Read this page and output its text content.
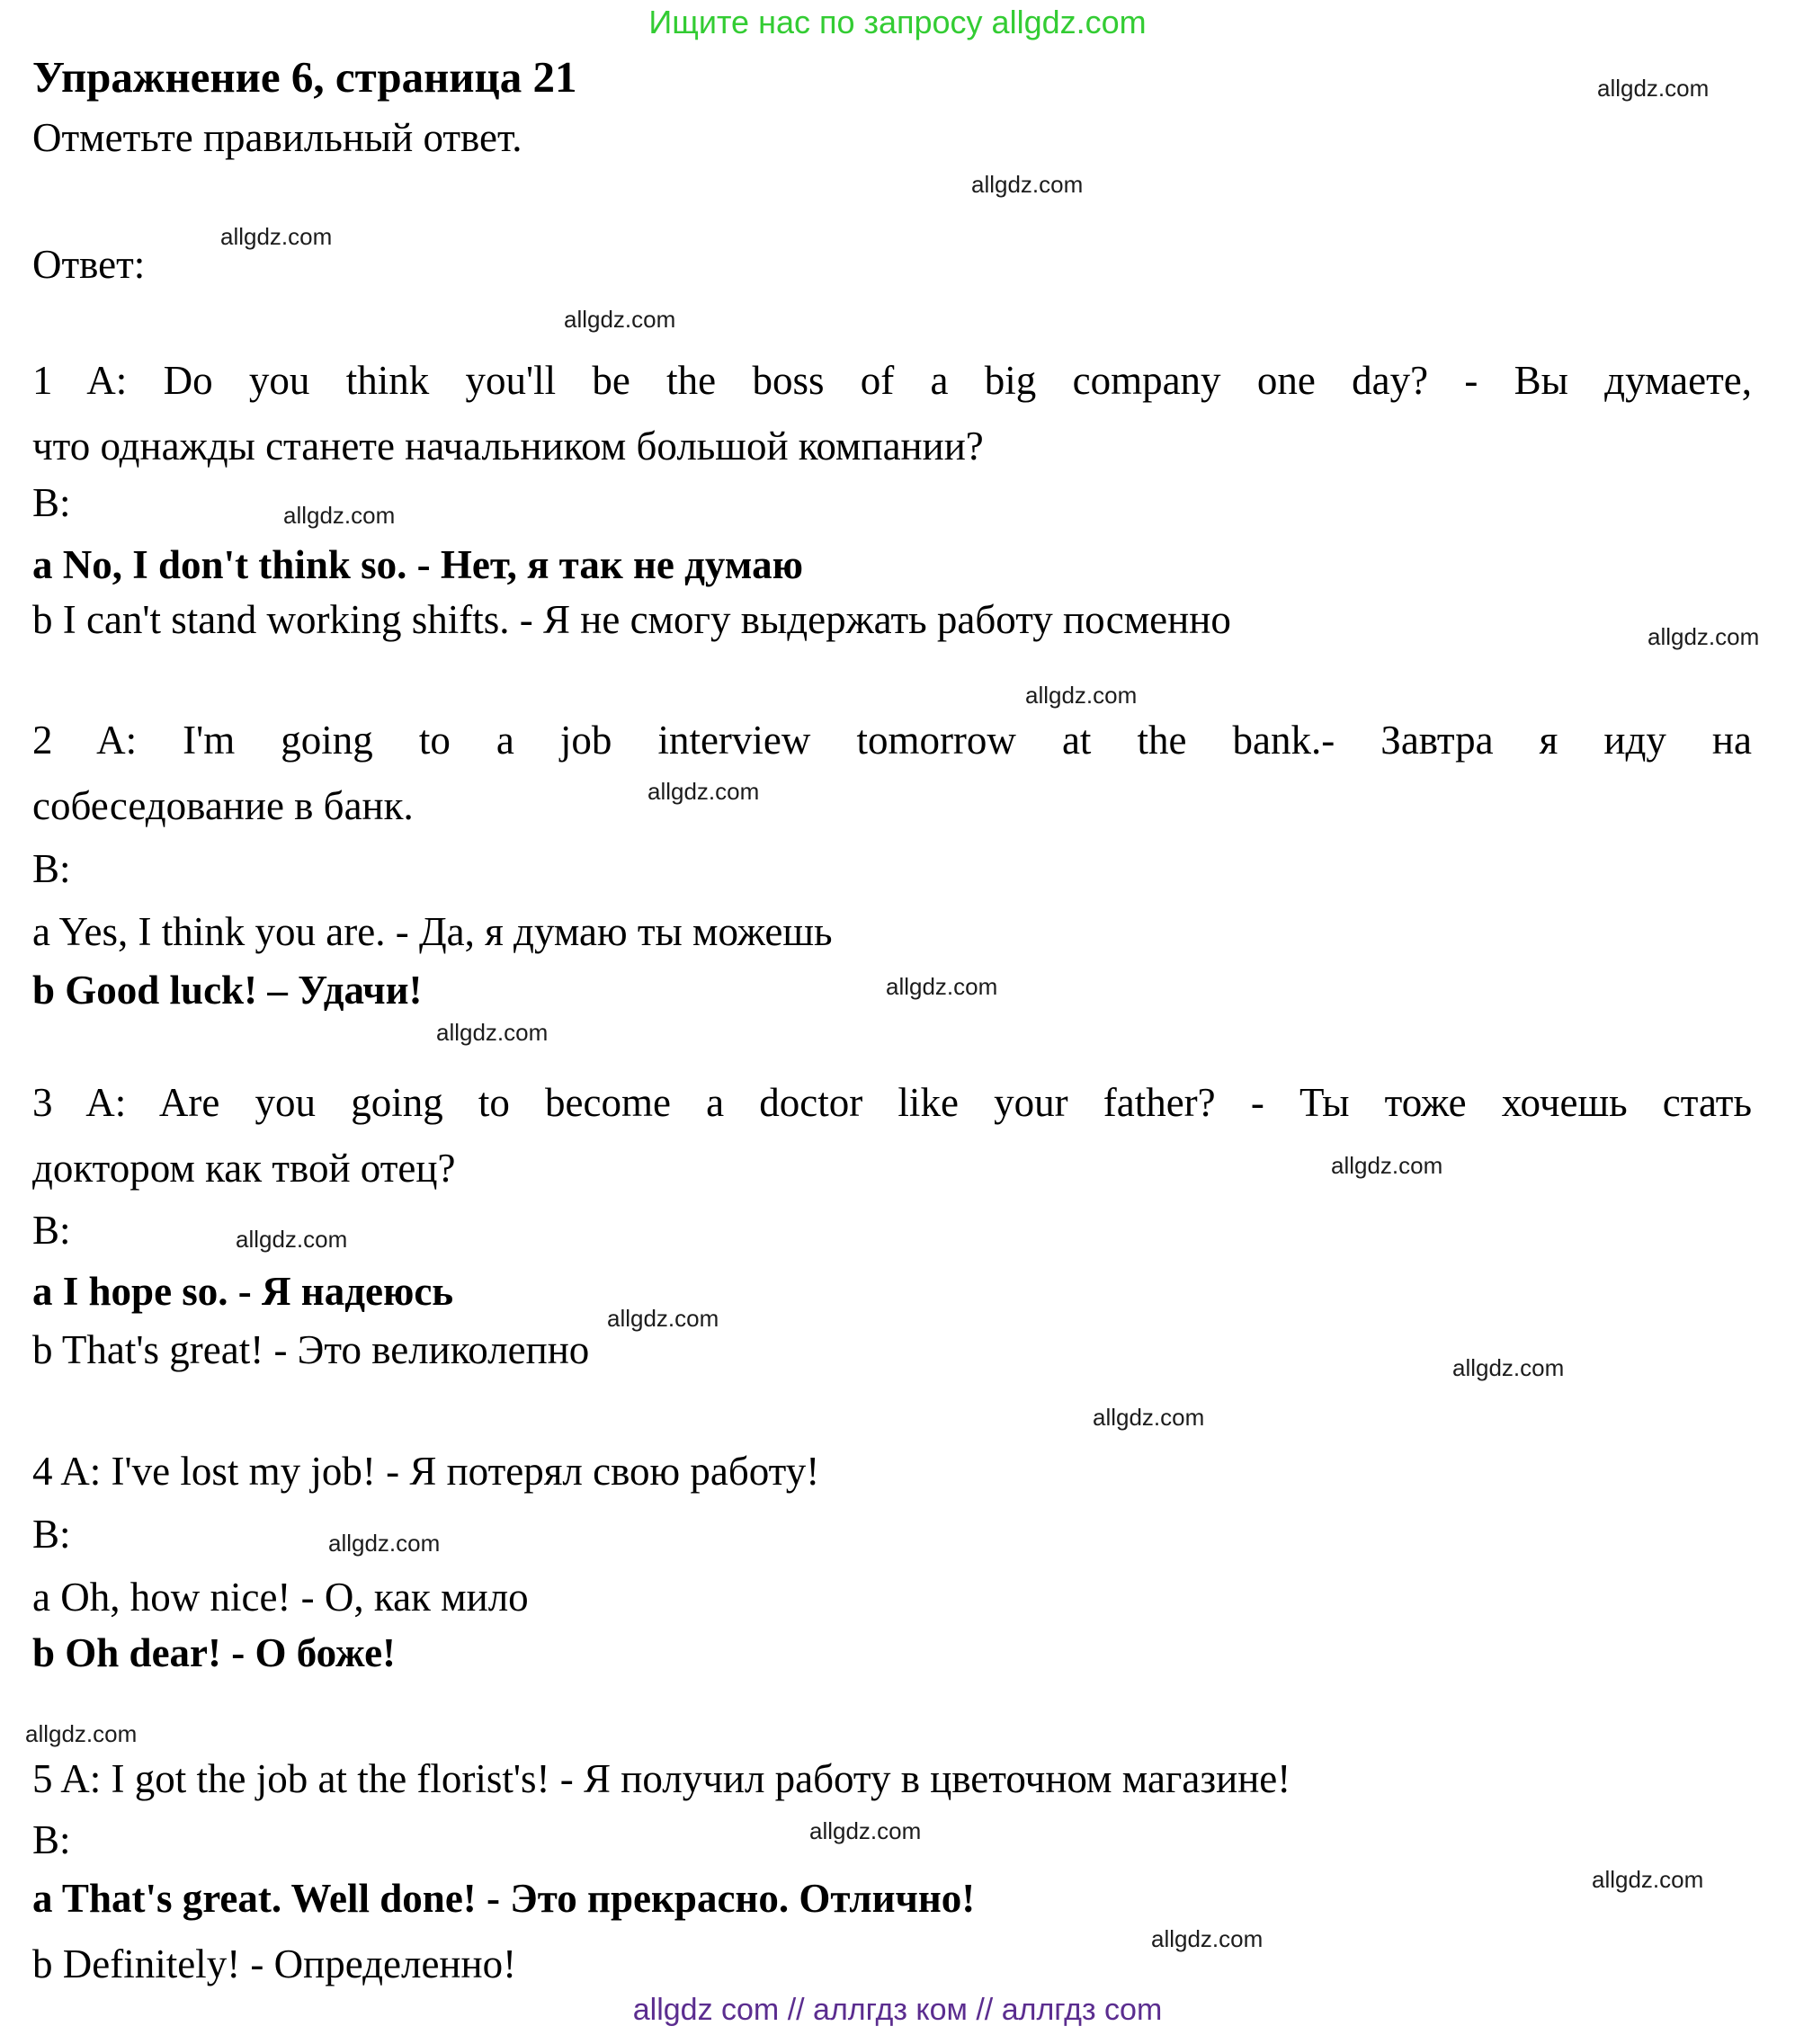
Ищите нас по запросу allgdz.com
Упражнение 6, страница 21
Отметьте правильный ответ.
Ответ:
1 A: Do you think you'll be the boss of a big company one day? - Вы думаете,
что однажды станете начальником большой компании?
В:
a No, I don't think so. - Нет, я так не думаю
b I can't stand working shifts. - Я не смогу выдержать работу посменно
2 A: I'm going to a job interview tomorrow at the bank.- Завтра я иду на
собеседование в банк.
В:
a Yes, I think you are. - Да, я думаю ты можешь
b Good luck! – Удачи!
3 A: Are you going to become a doctor like your father? - Ты тоже хочешь стать
доктором как твой отец?
В:
a I hope so. - Я надеюсь
b That's great! - Это великолепно
4 A: I've lost my job! - Я потерял свою работу!
В:
a Oh, how nice! - О, как мило
b Oh dear! - О боже!
5 A: I got the job at the florist's! - Я получил работу в цветочном магазине!
В:
a That's great. Well done! - Это прекрасно. Отлично!
b Definitely! - Определенно!
allgdz.com
allgdz.com
allgdz.com
allgdz.com
allgdz.com
allgdz.com
allgdz.com
allgdz.com
allgdz.com
allgdz.com
allgdz.com
allgdz.com
allgdz.com
allgdz.com
allgdz.com
allgdz.com
allgdz.com
allgdz.com
allgdz.com
allgdz.com
allgdz com // аллгдз ком // аллгдз com
